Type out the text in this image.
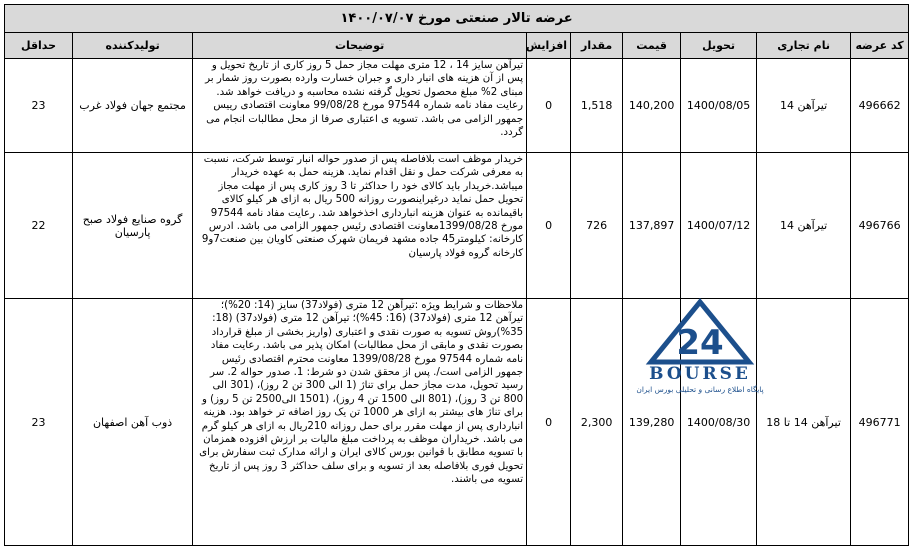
عرضه تالار صنعتی مورخ ۱۴۰۰/۰۷/۰۷								
کد عرضه	نام تجاری	تحویل	قیمت	مقدار	افزایش	توضیحات	تولیدکننده	حداقل
496662	تیرآهن 14	1400/08/05	140,200	1,518	0	تیرآهن سایز 14 ، 12 متری مهلت مجاز حمل 5 روز کاری از تاریخ تحویل و پس از آن هزینه های انبار داری و جبران خسارت وارده بصورت روز شمار بر مبنای 2% مبلغ محصول تحویل گرفته نشده محاسبه و دریافت خواهد شد. رعایت مفاد نامه شماره 97544 مورخ 99/08/28 معاونت اقتصادی رییس جمهور الزامی می باشد. تسویه ی اعتباری صرفا از محل مطالبات انجام می گردد.	مجتمع جهان فولاد غرب	23
496766	تیرآهن 14	1400/07/12	137,897	726	0	خریدار موظف است بلافاصله پس از صدور حواله انبار توسط شرکت، نسبت به معرفی شرکت حمل و نقل اقدام نماید. هزینه حمل به عهده خریدار میباشد.خریدار باید کالای خود را حداکثر تا 3 روز کاری پس از مهلت مجاز تحویل حمل نماید درغیراینصورت روزانه 500 ریال به ازای هر کیلو کالای باقیمانده به عنوان هزینه انبارداری اخذخواهد شد. رعایت مفاد نامه 97544 مورخ 1399/08/28معاونت اقتصادی رئیس جمهور الزامی می باشد. ادرس کارخانه: کیلومتر45 جاده مشهد فریمان شهرک صنعتی کاویان بین صنعت7و9 کارخانه گروه فولاد پارسیان	گروه صنایع فولاد صبح پارسیان	22
496771	تیرآهن 14 تا 18	1400/08/30	139,280	2,300	0	ملاحظات و شرایط ویژه :تیرآهن 12 متری (فولاد37) سایز (14: 20%)؛ تیرآهن 12 متری (فولاد37) (16: 45%)؛ تیرآهن 12 متری (فولاد37) (18: 35%)روش تسویه به صورت نقدی و اعتباری (واریز بخشی از مبلغ قرارداد بصورت نقدی و مابقی از محل مطالبات) امکان پذیر می باشد. رعایت مفاد نامه شماره 97544 مورخ 1399/08/28 معاونت محترم اقتصادی رئیس جمهور الزامی است/. پس از محقق شدن دو شرط: 1. صدور حواله 2. سر رسید تحویل، مدت مجاز حمل برای تناژ (1 الی 300 تن 2 روز)، (301 الی 800 تن 3 روز)، (801 الی 1500 تن 4 روز)، (1501 الی2500 تن 5 روز) و برای تناژ های بیشتر به ازای هر 1000 تن یک روز اضافه تر خواهد بود. هزینه انبارداری پس از مهلت مقرر برای حمل روزانه 210ریال به ازای هر کیلو گرم می باشد. خریداران موظف به پرداخت مبلغ مالیات بر ارزش افزوده همزمان با تسویه مطابق با قوانین بورس کالای ایران و ارائه مدارک ثبت سفارش برای تحویل فوری بلافاصله بعد از تسویه و برای سلف حداکثر 3 روز پس از تاریخ تسویه می باشند.	ذوب آهن اصفهان	23
24
BOURSE
پایگاه اطلاع رسانی و تحلیلی بورس ایران
